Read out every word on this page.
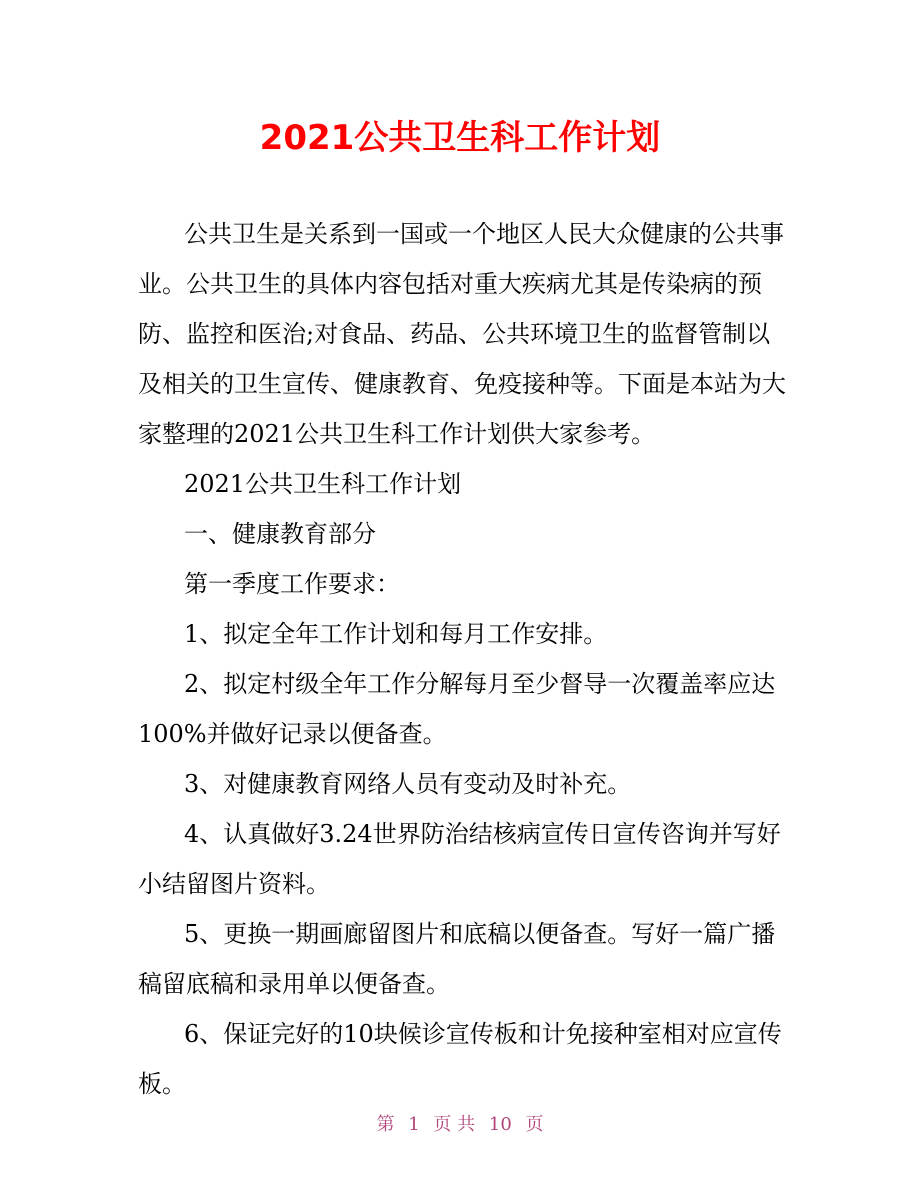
2021公共卫生科工作计划

公共卫生是关系到一国或一个地区人民大众健康的公共事业。公共卫生的具体内容包括对重大疾病尤其是传染病的预防、监控和医治;对食品、药品、公共环境卫生的监督管制以及相关的卫生宣传、健康教育、免疫接种等。下面是本站为大家整理的2021公共卫生科工作计划供大家参考。

2021公共卫生科工作计划

一、健康教育部分

第一季度工作要求：

1、拟定全年工作计划和每月工作安排。

2、拟定村级全年工作分解每月至少督导一次覆盖率应达100%并做好记录以便备查。

3、对健康教育网络人员有变动及时补充。

4、认真做好3.24世界防治结核病宣传日宣传咨询并写好小结留图片资料。

5、更换一期画廊留图片和底稿以便备查。写好一篇广播稿留底稿和录用单以便备查。

6、保证完好的10块候诊宣传板和计免接种室相对应宣传板。

第 1 页 共 10 页
